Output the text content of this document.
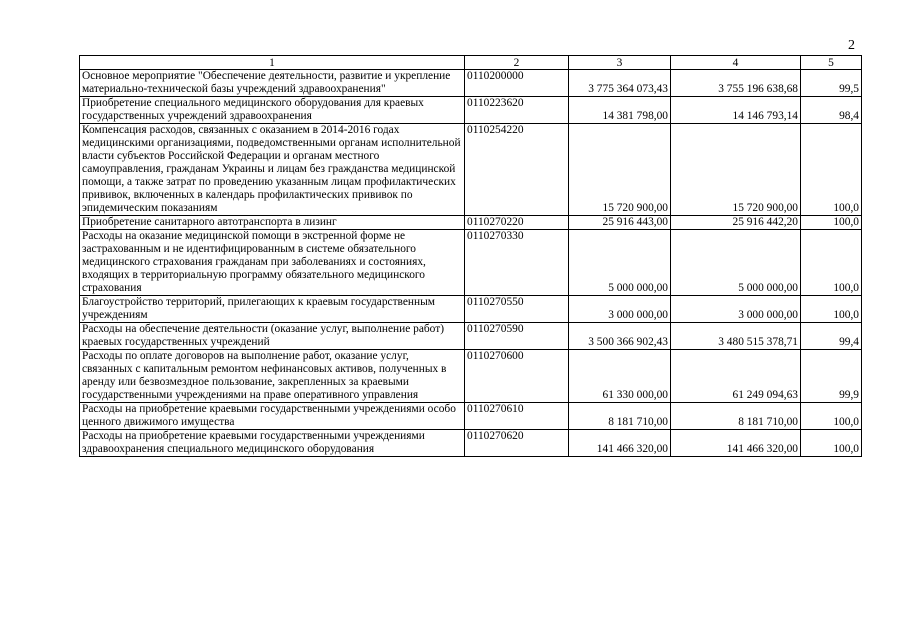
2
1	2	3	4	5
Основное мероприятие "Обеспечение деятельности, развитие и укрепление материально-технической базы учреждений здравоохранения"	0110200000	3 775 364 073,43	3 755 196 638,68	99,5
Приобретение специального медицинского оборудования для краевых государственных учреждений здравоохранения	0110223620	14 381 798,00	14 146 793,14	98,4
Компенсация расходов, связанных с оказанием в 2014-2016 годах медицинскими организациями, подведомственными органам исполнительной власти субъектов Российской Федерации и органам местного самоуправления, гражданам Украины и лицам без гражданства медицинской помощи, а также затрат по проведению указанным лицам профилактических прививок, включенных в календарь профилактических прививок по эпидемическим показаниям	0110254220	15 720 900,00	15 720 900,00	100,0
Приобретение санитарного автотранспорта в лизинг	0110270220	25 916 443,00	25 916 442,20	100,0
Расходы на оказание медицинской помощи в экстренной форме не застрахованным и не идентифицированным в системе обязательного медицинского страхования гражданам при заболеваниях и состояниях, входящих в территориальную программу обязательного медицинского страхования	0110270330	5 000 000,00	5 000 000,00	100,0
Благоустройство территорий, прилегающих к краевым государственным учреждениям	0110270550	3 000 000,00	3 000 000,00	100,0
Расходы на обеспечение деятельности (оказание услуг, выполнение работ) краевых государственных учреждений	0110270590	3 500 366 902,43	3 480 515 378,71	99,4
Расходы по оплате договоров на выполнение работ, оказание услуг, связанных с капитальным ремонтом нефинансовых активов, полученных в аренду или безвозмездное пользование, закрепленных за краевыми государственными учреждениями на праве оперативного управления	0110270600	61 330 000,00	61 249 094,63	99,9
Расходы на приобретение краевыми государственными учреждениями особо ценного движимого имущества	0110270610	8 181 710,00	8 181 710,00	100,0
Расходы на приобретение краевыми государственными учреждениями здравоохранения специального медицинского оборудования	0110270620	141 466 320,00	141 466 320,00	100,0
